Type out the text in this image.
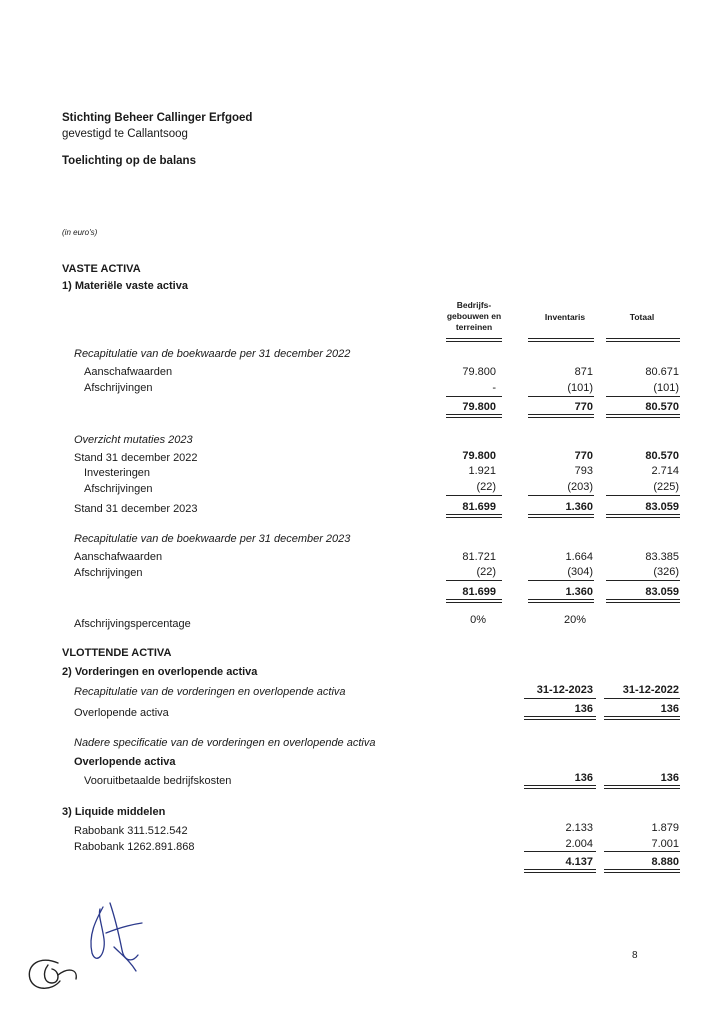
Stichting Beheer Callinger Erfgoed
gevestigd te Callantsoog
Toelichting op de balans
(in euro's)
VASTE ACTIVA
1) Materiële vaste activa
Bedrijfs-
gebouwen en
terreinen
Inventaris	Totaal
Recapitulatie van de boekwaarde per 31 december 2022
Aanschafwaarden	79.800	871	80.671
Afschrijvingen	-	(101)	(101)
79.800	770	80.570
Overzicht mutaties 2023
Stand 31 december 2022	79.800	770	80.570
Investeringen	1.921	793	2.714
Afschrijvingen	(22)	(203)	(225)
Stand 31 december 2023	81.699	1.360	83.059
Recapitulatie van de boekwaarde per 31 december 2023
Aanschafwaarden	81.721	1.664	83.385
Afschrijvingen	(22)	(304)	(326)
81.699	1.360	83.059
Afschrijvingspercentage	0%	20%
VLOTTENDE ACTIVA
2) Vorderingen en overlopende activa
Recapitulatie van de vorderingen en overlopende activa	31-12-2023	31-12-2022
Overlopende activa	136	136
Nadere specificatie van de vorderingen en overlopende activa
Overlopende activa
Vooruitbetaalde bedrijfskosten	136	136
3) Liquide middelen
Rabobank 311.512.542	2.133	1.879
Rabobank 1262.891.868	2.004	7.001
4.137	8.880
8
